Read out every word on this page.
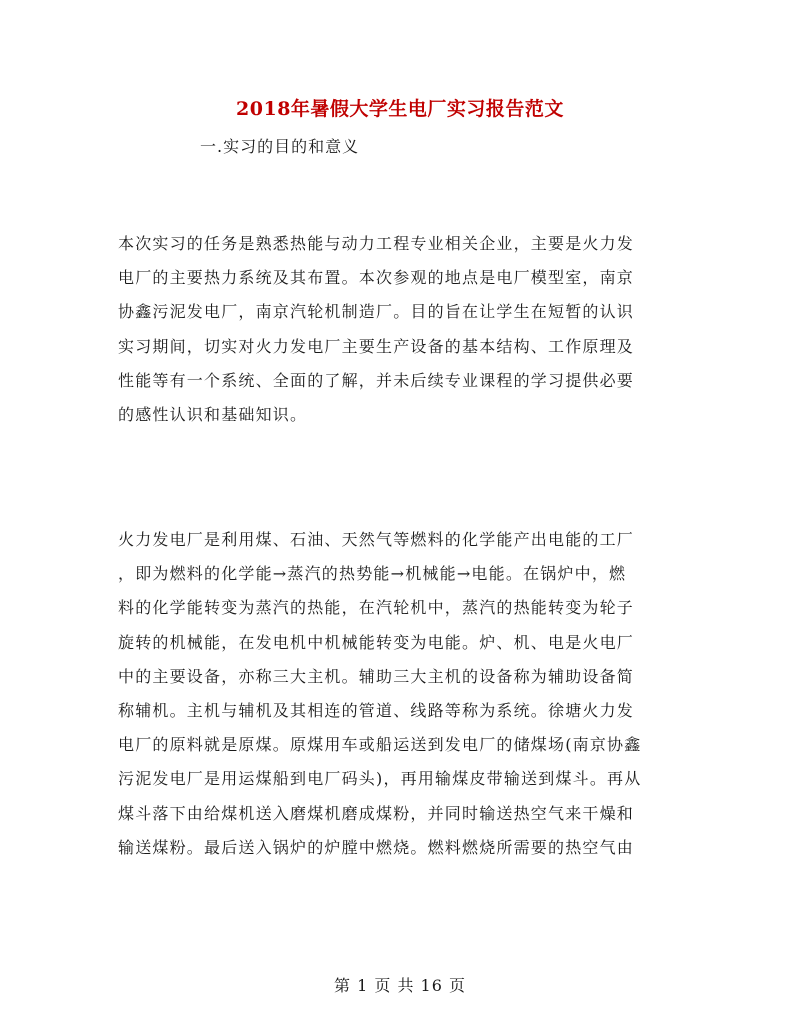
2018年暑假大学生电厂实习报告范文
一.实习的目的和意义
本次实习的任务是熟悉热能与动力工程专业相关企业，主要是火力发
电厂的主要热力系统及其布置。本次参观的地点是电厂模型室，南京
协鑫污泥发电厂，南京汽轮机制造厂。目的旨在让学生在短暂的认识
实习期间，切实对火力发电厂主要生产设备的基本结构、工作原理及
性能等有一个系统、全面的了解，并未后续专业课程的学习提供必要
的感性认识和基础知识。
火力发电厂是利用煤、石油、天然气等燃料的化学能产出电能的工厂
，即为燃料的化学能→蒸汽的热势能→机械能→电能。在锅炉中，燃
料的化学能转变为蒸汽的热能，在汽轮机中，蒸汽的热能转变为轮子
旋转的机械能，在发电机中机械能转变为电能。炉、机、电是火电厂
中的主要设备，亦称三大主机。辅助三大主机的设备称为辅助设备简
称辅机。主机与辅机及其相连的管道、线路等称为系统。徐塘火力发
电厂的原料就是原煤。原煤用车或船运送到发电厂的储煤场(南京协鑫
污泥发电厂是用运煤船到电厂码头)，再用输煤皮带输送到煤斗。再从
煤斗落下由给煤机送入磨煤机磨成煤粉，并同时输送热空气来干燥和
输送煤粉。最后送入锅炉的炉膛中燃烧。燃料燃烧所需要的热空气由
第 1 页 共 16 页
